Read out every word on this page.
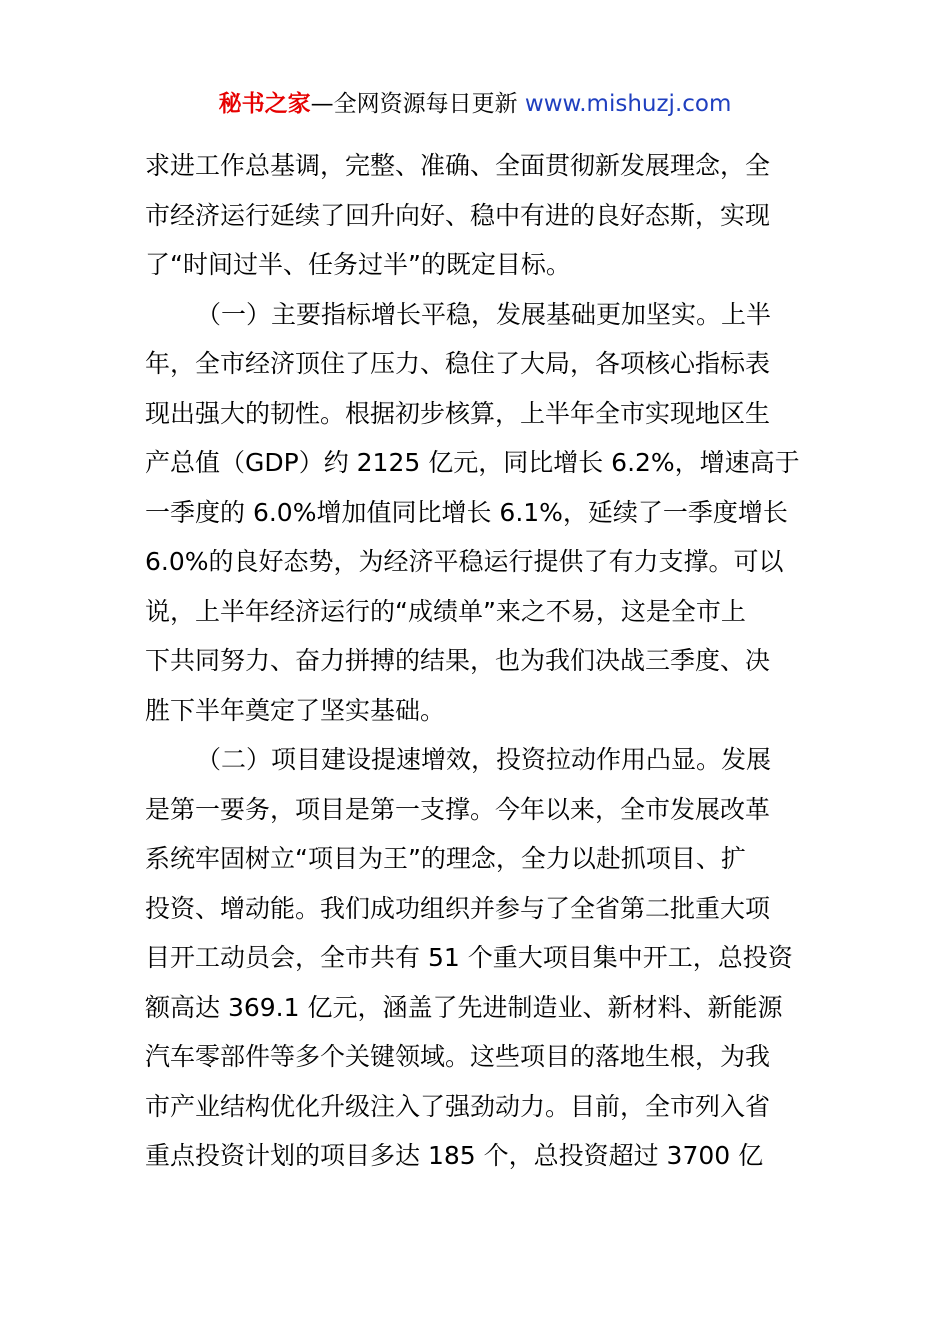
秘书之家—全网资源每日更新 www.mishuzj.com
求进工作总基调，完整、准确、全面贯彻新发展理念，全
市经济运行延续了回升向好、稳中有进的良好态斯，实现
了“时间过半、任务过半”的既定目标。
（一）主要指标增长平稳，发展基础更加坚实。上半
年，全市经济顶住了压力、稳住了大局，各项核心指标表
现出强大的韧性。根据初步核算，上半年全市实现地区生
产总值（GDP）约 2125 亿元，同比增长 6.2%，增速高于
一季度的 6.0%增加值同比增长 6.1%，延续了一季度增长
6.0%的良好态势，为经济平稳运行提供了有力支撑。可以
说，上半年经济运行的“成绩单”来之不易，这是全市上
下共同努力、奋力拼搏的结果，也为我们决战三季度、决
胜下半年奠定了坚实基础。
（二）项目建设提速增效，投资拉动作用凸显。发展
是第一要务，项目是第一支撑。今年以来，全市发展改革
系统牢固树立“项目为王”的理念，全力以赴抓项目、扩
投资、增动能。我们成功组织并参与了全省第二批重大项
目开工动员会，全市共有 51 个重大项目集中开工，总投资
额高达 369.1 亿元，涵盖了先进制造业、新材料、新能源
汽车零部件等多个关键领域。这些项目的落地生根，为我
市产业结构优化升级注入了强劲动力。目前，全市列入省
重点投资计划的项目多达 185 个，总投资超过 3700 亿
